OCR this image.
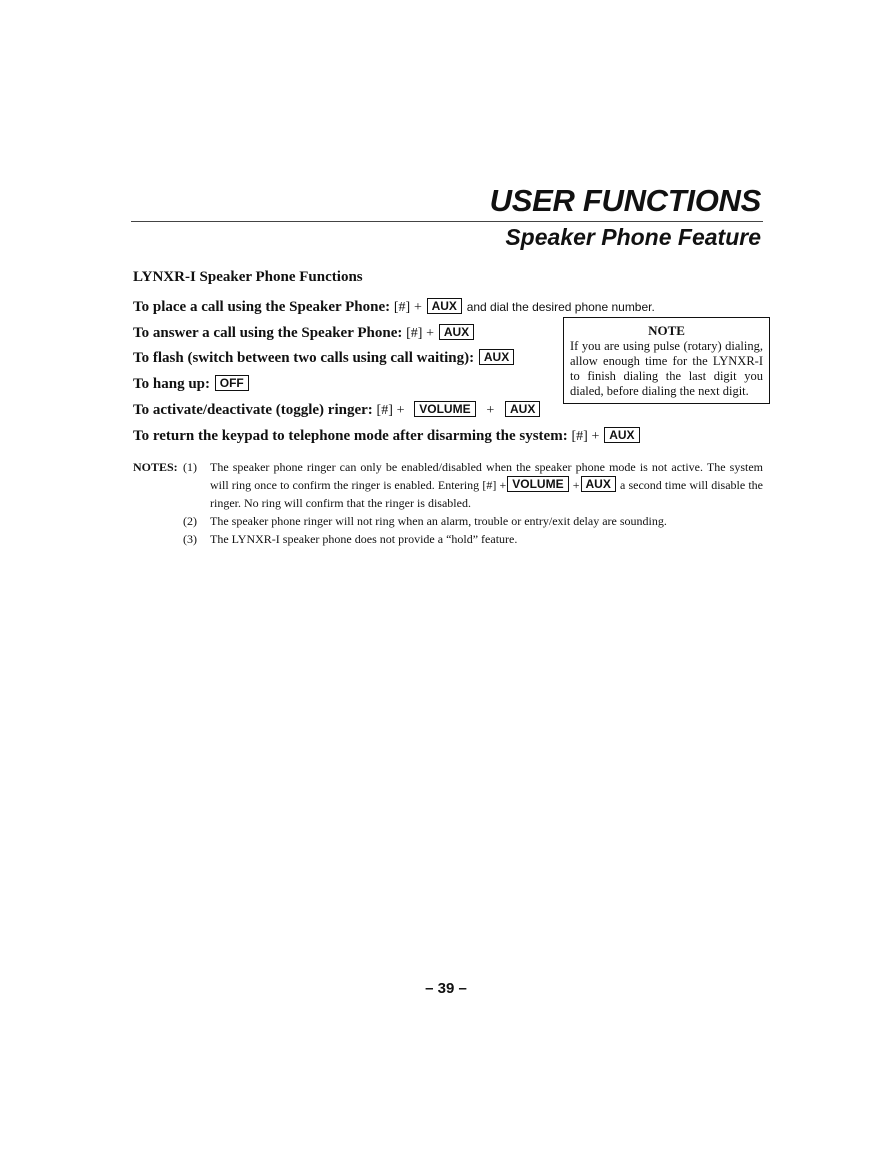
USER FUNCTIONS
Speaker Phone Feature
LYNXR-I Speaker Phone Functions
To place a call using the Speaker Phone: [#] + AUX and dial the desired phone number.
To answer a call using the Speaker Phone: [#] + AUX
To flash (switch between two calls using call waiting): AUX
To hang up: OFF
To activate/deactivate (toggle) ringer: [#] + VOLUME + AUX
To return the keypad to telephone mode after disarming the system: [#] + AUX
NOTE
If you are using pulse (rotary) dialing, allow enough time for the LYNXR-I to finish dialing the last digit you dialed, before dialing the next digit.
NOTES: (1)	The speaker phone ringer can only be enabled/disabled when the speaker phone mode is not active. The system will ring once to confirm the ringer is enabled. Entering [#] + VOLUME + AUX a second time will disable the ringer. No ring will confirm that the ringer is disabled.
(2)	The speaker phone ringer will not ring when an alarm, trouble or entry/exit delay are sounding.
(3)	The LYNXR-I speaker phone does not provide a “hold” feature.
– 39 –
